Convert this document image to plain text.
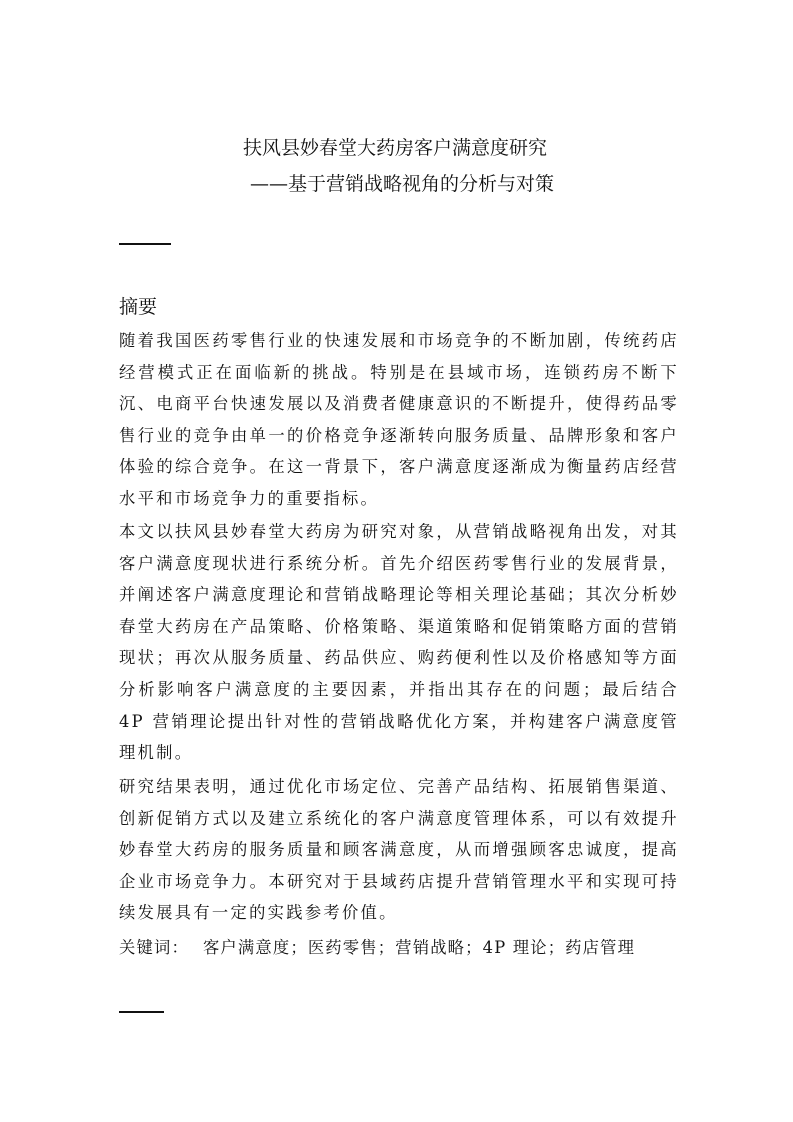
扶风县妙春堂大药房客户满意度研究
——基于营销战略视角的分析与对策
摘要

随着我国医药零售行业的快速发展和市场竞争的不断加剧，传统药店经营模式正在面临新的挑战。特别是在县域市场，连锁药房不断下沉、电商平台快速发展以及消费者健康意识的不断提升，使得药品零售行业的竞争由单一的价格竞争逐渐转向服务质量、品牌形象和客户体验的综合竞争。在这一背景下，客户满意度逐渐成为衡量药店经营水平和市场竞争力的重要指标。

本文以扶风县妙春堂大药房为研究对象，从营销战略视角出发，对其客户满意度现状进行系统分析。首先介绍医药零售行业的发展背景，并阐述客户满意度理论和营销战略理论等相关理论基础；其次分析妙春堂大药房在产品策略、价格策略、渠道策略和促销策略方面的营销现状；再次从服务质量、药品供应、购药便利性以及价格感知等方面分析影响客户满意度的主要因素，并指出其存在的问题；最后结合 4P 营销理论提出针对性的营销战略优化方案，并构建客户满意度管理机制。

研究结果表明，通过优化市场定位、完善产品结构、拓展销售渠道、创新促销方式以及建立系统化的客户满意度管理体系，可以有效提升妙春堂大药房的服务质量和顾客满意度，从而增强顾客忠诚度，提高企业市场竞争力。本研究对于县域药店提升营销管理水平和实现可持续发展具有一定的实践参考价值。

关键词： 客户满意度；医药零售；营销战略；4P 理论；药店管理
